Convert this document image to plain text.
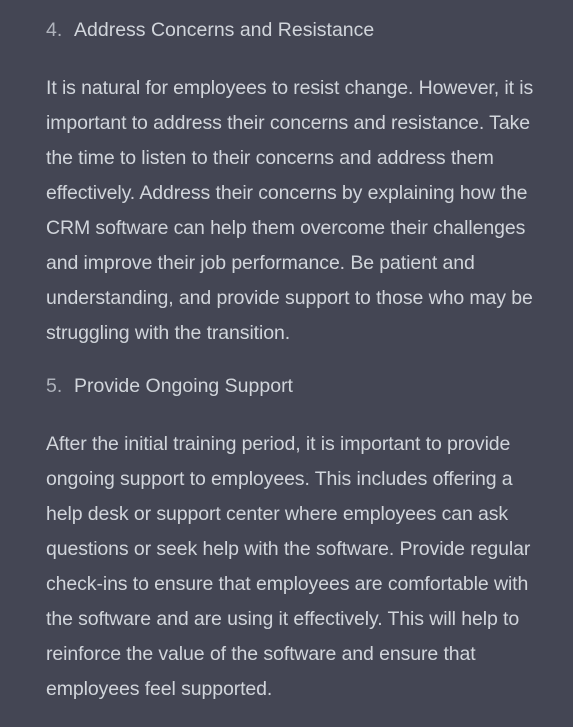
4. Address Concerns and Resistance

It is natural for employees to resist change. However, it is
important to address their concerns and resistance. Take
the time to listen to their concerns and address them
effectively. Address their concerns by explaining how the
CRM software can help them overcome their challenges
and improve their job performance. Be patient and
understanding, and provide support to those who may be
struggling with the transition.

5. Provide Ongoing Support

After the initial training period, it is important to provide
ongoing support to employees. This includes offering a
help desk or support center where employees can ask
questions or seek help with the software. Provide regular
check-ins to ensure that employees are comfortable with
the software and are using it effectively. This will help to
reinforce the value of the software and ensure that
employees feel supported.
